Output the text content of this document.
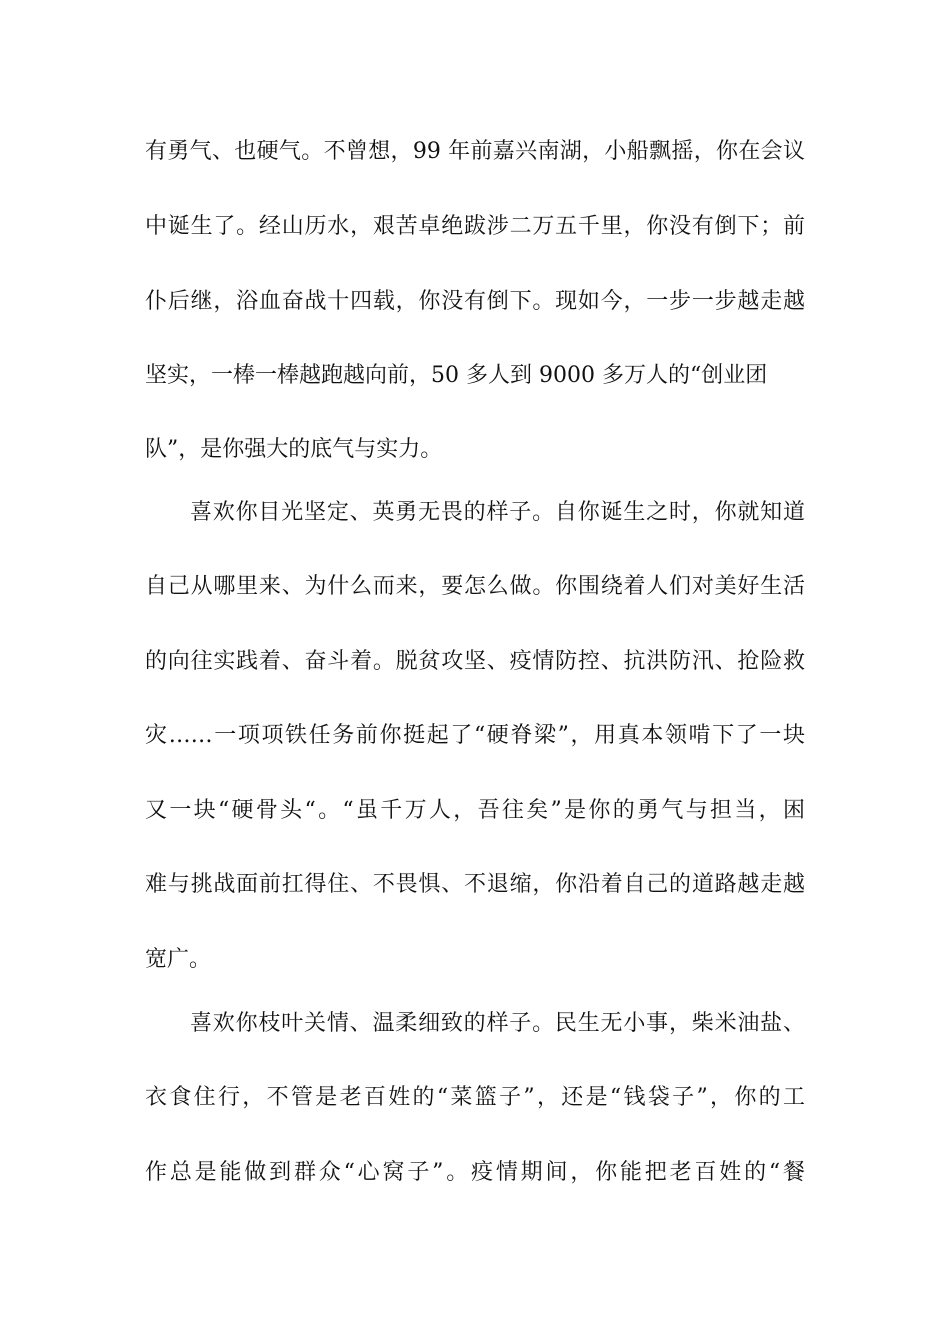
有勇气、也硬气。不曾想，99 年前嘉兴南湖，小船飘摇，你在会议
中诞生了。经山历水，艰苦卓绝跋涉二万五千里，你没有倒下；前
仆后继，浴血奋战十四载，你没有倒下。现如今，一步一步越走越
坚实，一棒一棒越跑越向前，50 多人到 9000 多万人的“创业团
队”，是你强大的底气与实力。
喜欢你目光坚定、英勇无畏的样子。自你诞生之时，你就知道
自己从哪里来、为什么而来，要怎么做。你围绕着人们对美好生活
的向往实践着、奋斗着。脱贫攻坚、疫情防控、抗洪防汛、抢险救
灾……一项项铁任务前你挺起了“硬脊梁”，用真本领啃下了一块
又一块“硬骨头“。“虽千万人，吾往矣”是你的勇气与担当，困
难与挑战面前扛得住、不畏惧、不退缩，你沿着自己的道路越走越
宽广。
喜欢你枝叶关情、温柔细致的样子。民生无小事，柴米油盐、
衣食住行，不管是老百姓的“菜篮子”，还是“钱袋子”，你的工
作总是能做到群众“心窝子”。疫情期间，你能把老百姓的“餐
